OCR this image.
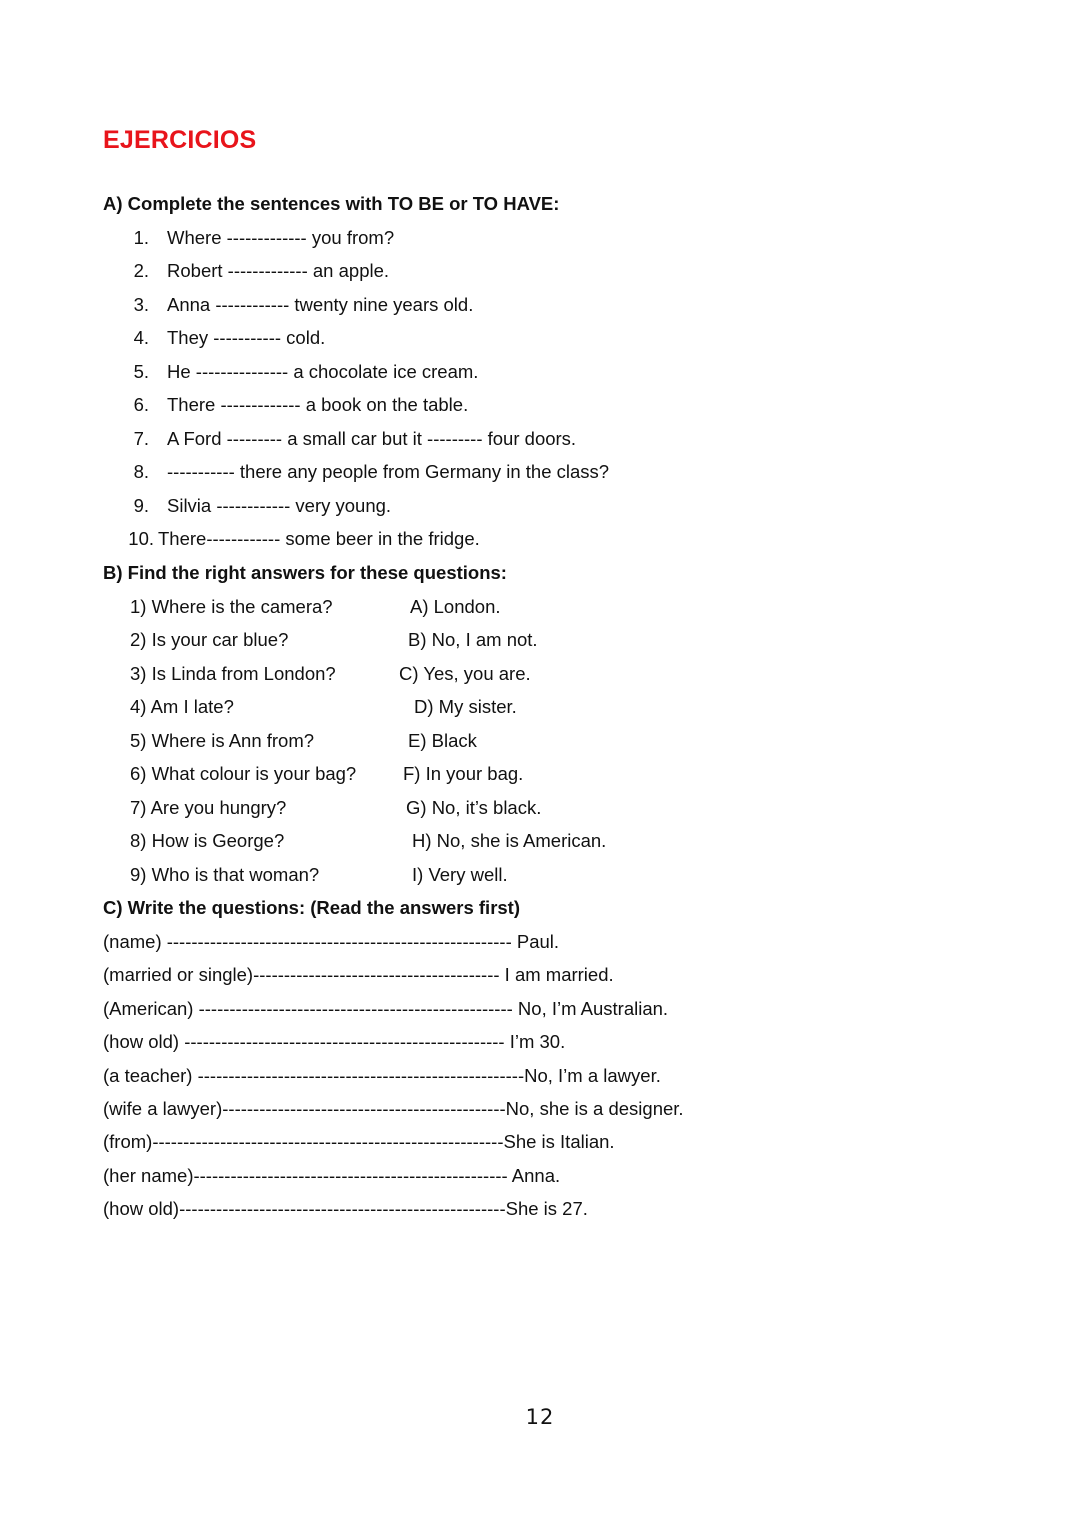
EJERCICIOS
A) Complete the sentences with TO BE or TO HAVE:
1. Where ------------- you from?
2. Robert ------------- an apple.
3. Anna ------------ twenty nine years old.
4. They ----------- cold.
5. He --------------- a chocolate ice cream.
6. There ------------- a book on the table.
7. A Ford --------- a small car but it --------- four doors.
8. ----------- there any people from Germany in the class?
9. Silvia ------------ very young.
10. There------------ some beer in the fridge.
B) Find the right answers for these questions:
1) Where is the camera?
2) Is your car blue?
3) Is Linda from London?
4) Am I late?
5) Where is Ann from?
6) What colour is your bag?
7) Are you hungry?
8) How is George?
9) Who is that woman?
A) London.
B) No, I am not.
C) Yes, you are.
D) My sister.
E) Black
F) In your bag.
G) No, it’s black.
H) No, she is American.
I) Very well.
C) Write the questions: (Read the answers first)
(name) -------------------------------------------------------- Paul.
(married or single)---------------------------------------- I am married.
(American) --------------------------------------------------- No, I’m Australian.
(how old) ---------------------------------------------------- I’m 30.
(a teacher) -----------------------------------------------------No, I’m a lawyer.
(wife a lawyer)----------------------------------------------No, she is a designer.
(from)---------------------------------------------------------She is Italian.
(her name)--------------------------------------------------- Anna.
(how old)-----------------------------------------------------She is 27.
12
